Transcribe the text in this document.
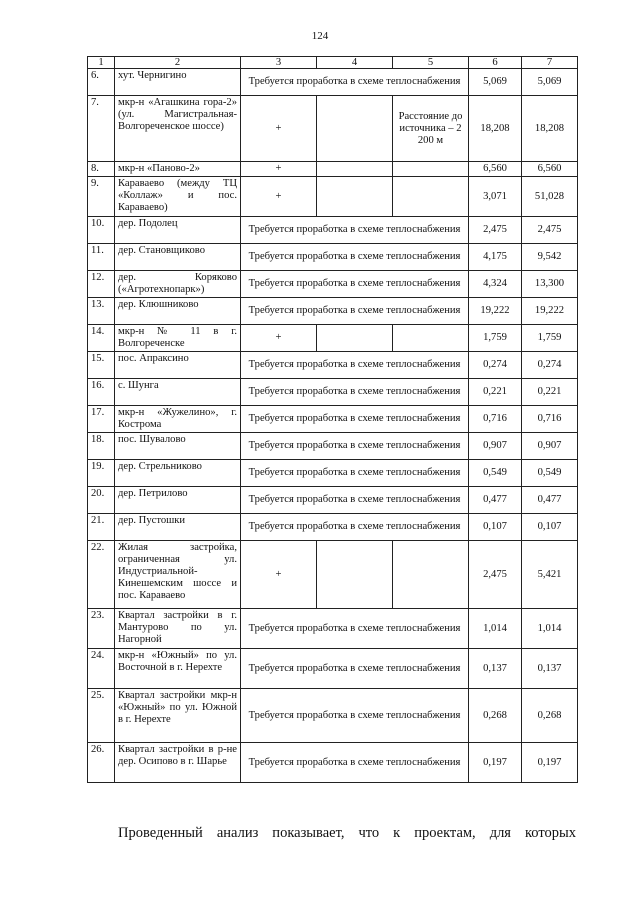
124
1	2	3	4	5	6	7
6.	хут. Чернигино	Требуется проработка в схеме теплоснабжения			5,069	5,069
7.	мкр-н «Агашкина гора-2» (ул. Магистральная-Волгореченское шоссе)	+		Расстояние до источника – 2 200 м	18,208	18,208
8.	мкр-н «Паново-2»	+			6,560	6,560
9.	Караваево (между ТЦ «Коллаж» и пос. Караваево)	+			3,071	51,028
10.	дер. Подолец	Требуется проработка в схеме теплоснабжения			2,475	2,475
11.	дер. Становщиково	Требуется проработка в схеме теплоснабжения			4,175	9,542
12.	дер. Коряково («Агротехнопарк»)	Требуется проработка в схеме теплоснабжения			4,324	13,300
13.	дер. Клюшниково	Требуется проработка в схеме теплоснабжения			19,222	19,222
14.	мкр-н № 11 в г. Волгореченске	+			1,759	1,759
15.	пос. Апраксино	Требуется проработка в схеме теплоснабжения			0,274	0,274
16.	с. Шунга	Требуется проработка в схеме теплоснабжения			0,221	0,221
17.	мкр-н «Жужелино», г. Кострома	Требуется проработка в схеме теплоснабжения			0,716	0,716
18.	пос. Шувалово	Требуется проработка в схеме теплоснабжения			0,907	0,907
19.	дер. Стрельниково	Требуется проработка в схеме теплоснабжения			0,549	0,549
20.	дер. Петрилово	Требуется проработка в схеме теплоснабжения			0,477	0,477
21.	дер. Пустошки	Требуется проработка в схеме теплоснабжения			0,107	0,107
22.	Жилая застройка, ограниченная ул. Индустриальной-Кинешемским шоссе и пос. Караваево	+			2,475	5,421
23.	Квартал застройки в г. Мантурово по ул. Нагорной	Требуется проработка в схеме теплоснабжения			1,014	1,014
24.	мкр-н «Южный» по ул. Восточной в г. Нерехте	Требуется проработка в схеме теплоснабжения			0,137	0,137
25.	Квартал застройки мкр-н «Южный» по ул. Южной в г. Нерехте	Требуется проработка в схеме теплоснабжения			0,268	0,268
26.	Квартал застройки в р-не дер. Осипово в г. Шарье	Требуется проработка в схеме теплоснабжения			0,197	0,197
Проведенный анализ показывает, что к проектам, для которых
